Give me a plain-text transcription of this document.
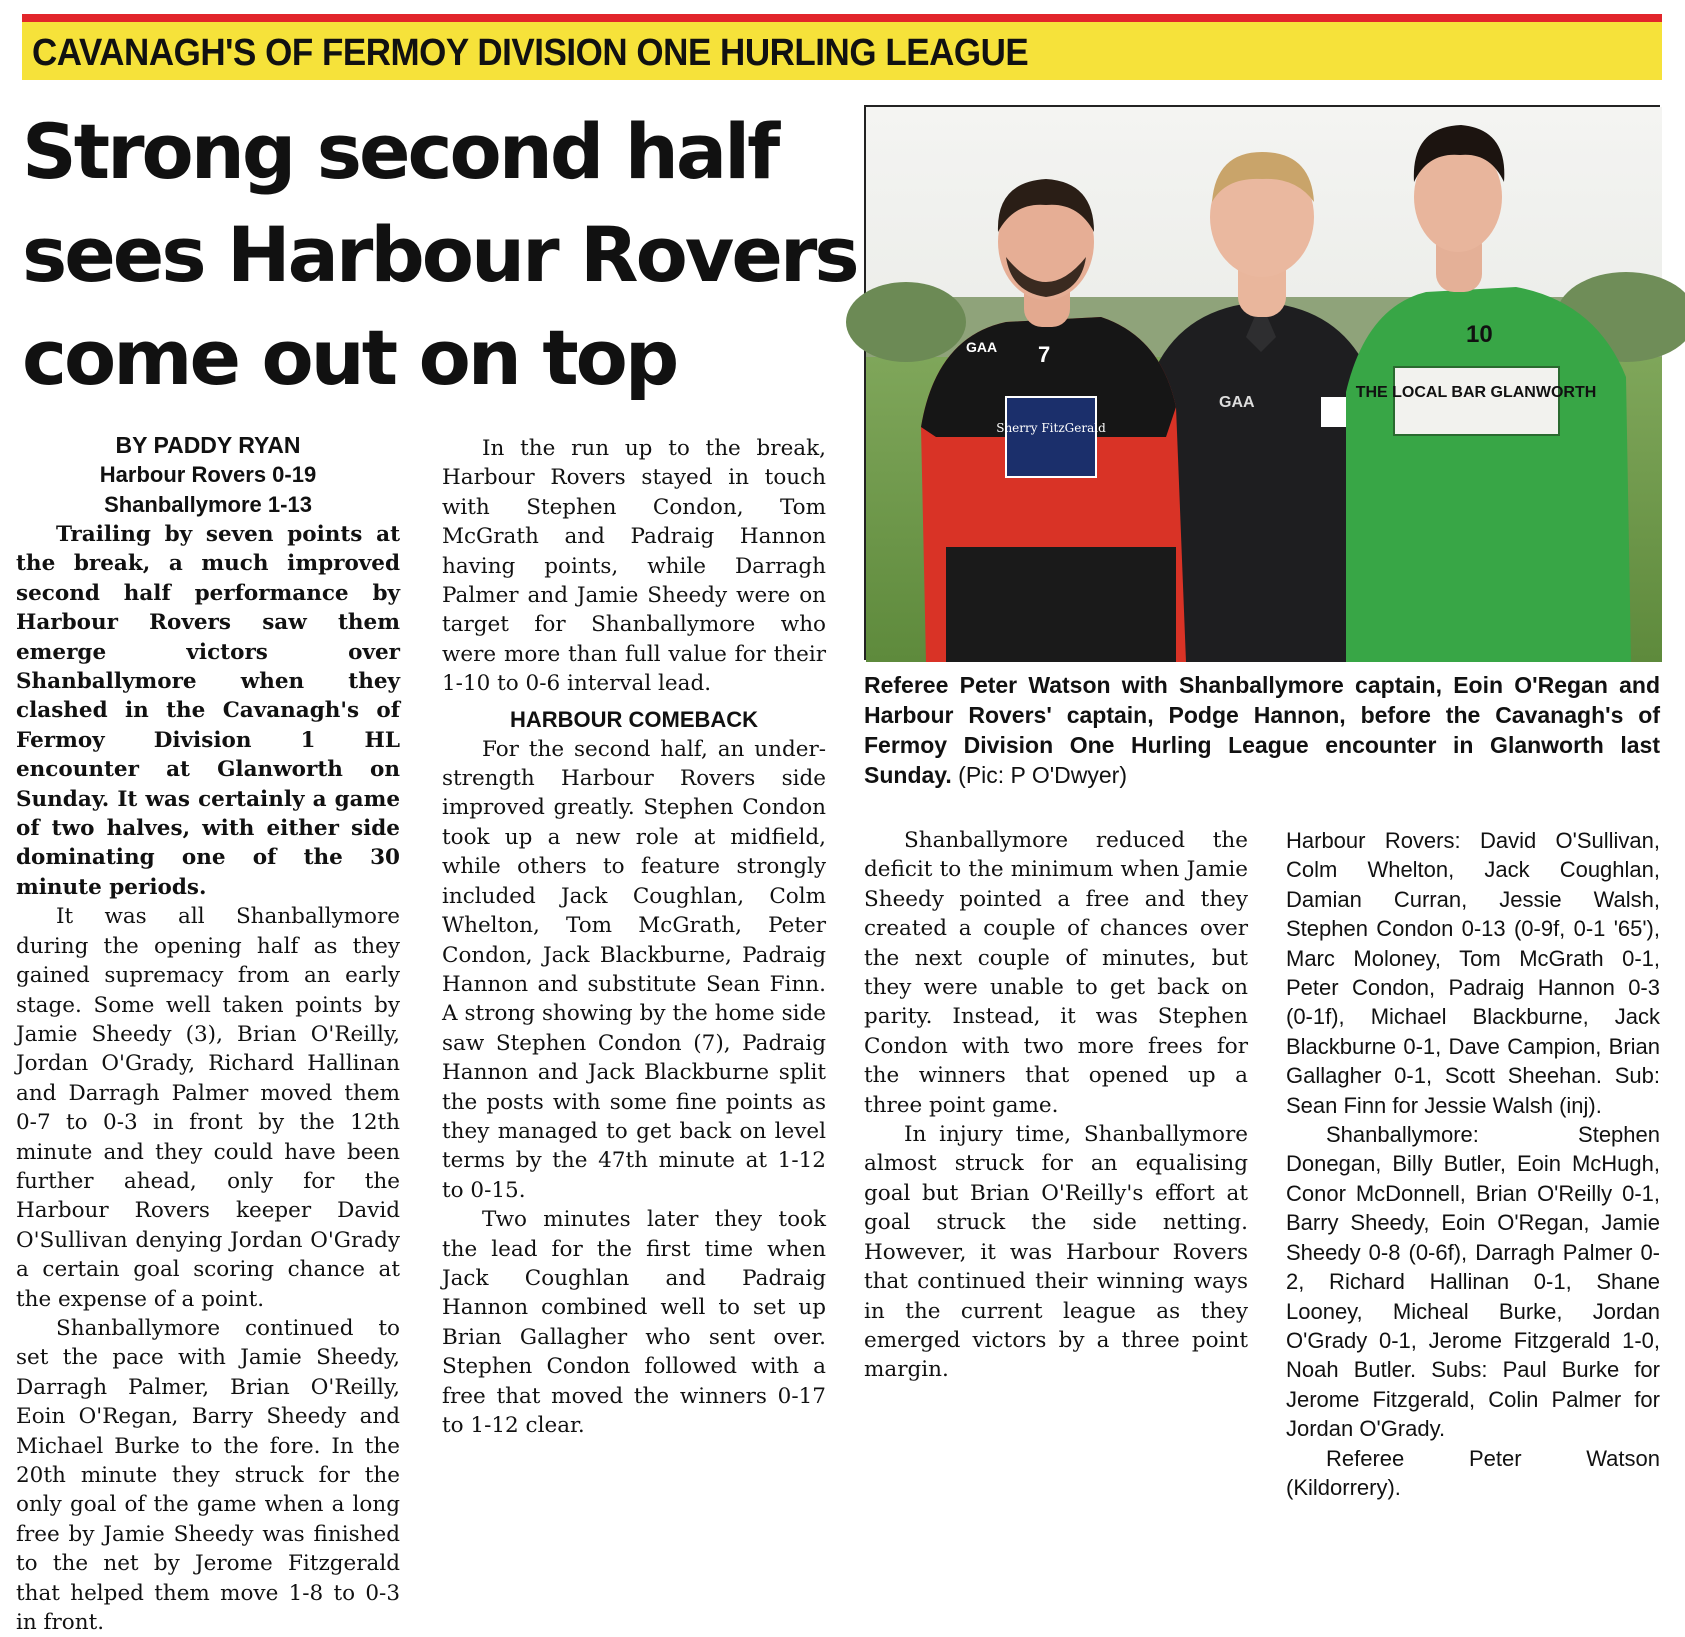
CAVANAGH'S OF FERMOY DIVISION ONE HURLING LEAGUE
Strong second half
sees Harbour Rovers
come out on top
BY PADDY RYAN
Harbour Rovers 0-19
Shanballymore 1-13

Trailing by seven points at the break, a much improved second half performance by Harbour Rovers saw them emerge victors over Shanballymore when they clashed in the Cavanagh's of Fermoy Division 1 HL encounter at Glanworth on Sunday. It was certainly a game of two halves, with either side dominating one of the 30 minute periods.

It was all Shanballymore during the opening half as they gained supremacy from an early stage. Some well taken points by Jamie Sheedy (3), Brian O'Reilly, Jordan O'Grady, Richard Hallinan and Darragh Palmer moved them 0-7 to 0-3 in front by the 12th minute and they could have been further ahead, only for the Harbour Rovers keeper David O'Sullivan denying Jordan O'Grady a certain goal scoring chance at the expense of a point.

Shanballymore continued to set the pace with Jamie Sheedy, Darragh Palmer, Brian O'Reilly, Eoin O'Regan, Barry Sheedy and Michael Burke to the fore. In the 20th minute they struck for the only goal of the game when a long free by Jamie Sheedy was finished to the net by Jerome Fitzgerald that helped them move 1-8 to 0-3 in front.

In the run up to the break, Harbour Rovers stayed in touch with Stephen Condon, Tom McGrath and Padraig Hannon having points, while Darragh Palmer and Jamie Sheedy were on target for Shanballymore who were more than full value for their 1-10 to 0-6 interval lead.

HARBOUR COMEBACK

For the second half, an under-strength Harbour Rovers side improved greatly. Stephen Condon took up a new role at midfield, while others to feature strongly included Jack Coughlan, Colm Whelton, Tom McGrath, Peter Condon, Jack Blackburne, Padraig Hannon and substitute Sean Finn. A strong showing by the home side saw Stephen Condon (7), Padraig Hannon and Jack Blackburne split the posts with some fine points as they managed to get back on level terms by the 47th minute at 1-12 to 0-15.

Two minutes later they took the lead for the first time when Jack Coughlan and Padraig Hannon combined well to set up Brian Gallagher who sent over. Stephen Condon followed with a free that moved the winners 0-17 to 1-12 clear.

GAA
Sherry FitzGerald
7
GAA
THE LOCAL BAR GLANWORTH
10
Referee Peter Watson with Shanballymore captain, Eoin O'Regan and Harbour Rovers' captain, Podge Hannon, before the Cavanagh's of Fermoy Division One Hurling League encounter in Glanworth last Sunday. (Pic: P O'Dwyer)

Shanballymore reduced the deficit to the minimum when Jamie Sheedy pointed a free and they created a couple of chances over the next couple of minutes, but they were unable to get back on parity. Instead, it was Stephen Condon with two more frees for the winners that opened up a three point game.

In injury time, Shanballymore almost struck for an equalising goal but Brian O'Reilly's effort at goal struck the side netting. However, it was Harbour Rovers that continued their winning ways in the current league as they emerged victors by a three point margin.

Harbour Rovers: David O'Sullivan, Colm Whelton, Jack Coughlan, Damian Curran, Jessie Walsh, Stephen Condon 0-13 (0-9f, 0-1 '65'), Marc Moloney, Tom McGrath 0-1, Peter Condon, Padraig Hannon 0-3 (0-1f), Michael Blackburne, Jack Blackburne 0-1, Dave Campion, Brian Gallagher 0-1, Scott Sheehan. Sub: Sean Finn for Jessie Walsh (inj).

Shanballymore: Stephen Donegan, Billy Butler, Eoin McHugh, Conor McDonnell, Brian O'Reilly 0-1, Barry Sheedy, Eoin O'Regan, Jamie Sheedy 0-8 (0-6f), Darragh Palmer 0-2, Richard Hallinan 0-1, Shane Looney, Micheal Burke, Jordan O'Grady 0-1, Jerome Fitzgerald 1-0, Noah Butler. Subs: Paul Burke for Jerome Fitzgerald, Colin Palmer for Jordan O'Grady.

Referee Peter Watson (Kildorrery).
